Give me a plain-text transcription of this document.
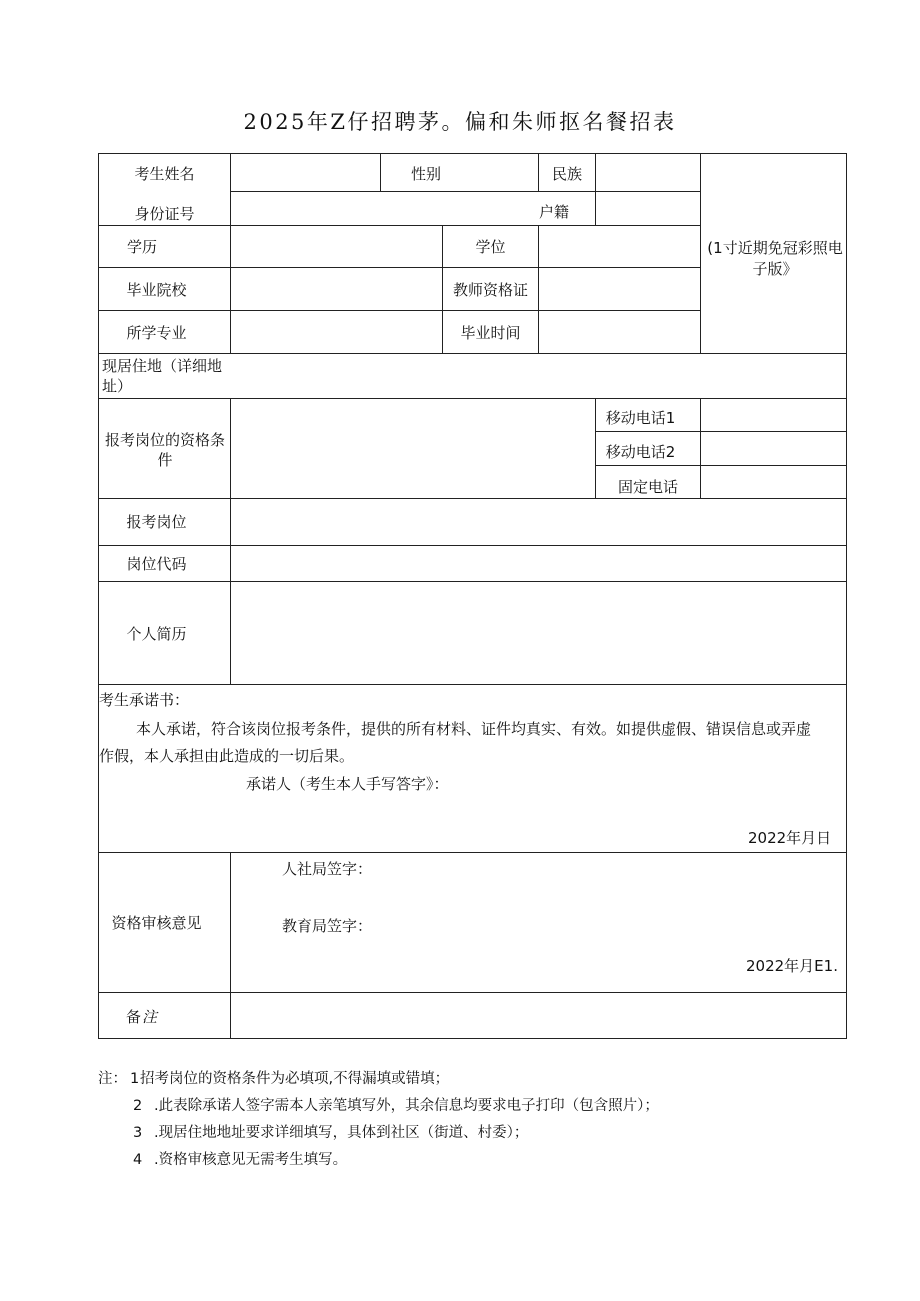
2025年Z仔招聘茅。偏和朱师抠名餐招表
考生姓名	性别	民族
身份证号	户籍
学历	学位
毕业院校	教师资格证
所学专业	毕业时间
(1寸近期免冠彩照电子版》
现居住地（详细地址）
报考岗位的资格条件
移动电话1
移动电话2
固定电话
报考岗位
岗位代码
个人简历
考生承诺书：
本人承诺，符合该岗位报考条件，提供的所有材料、证件均真实、有效。如提供虚假、错误信息或弄虚
作假，本人承担由此造成的一切后果。
承诺人（考生本人手写答字》：
2022年月日
资格审核意见
人社局笠字：
教育局笠字：
2022年月E1.
备 注
注： 1 招考岗位的资格条件为必填项,不得漏填或错填；
2 .此表除承诺人签字需本人亲笔填写外，其余信息均要求电子打印（包含照片）；
3 .现居住地地址要求详细填写，具体到社区（街道、村委）；
4 .资格审核意见无需考生填写。
